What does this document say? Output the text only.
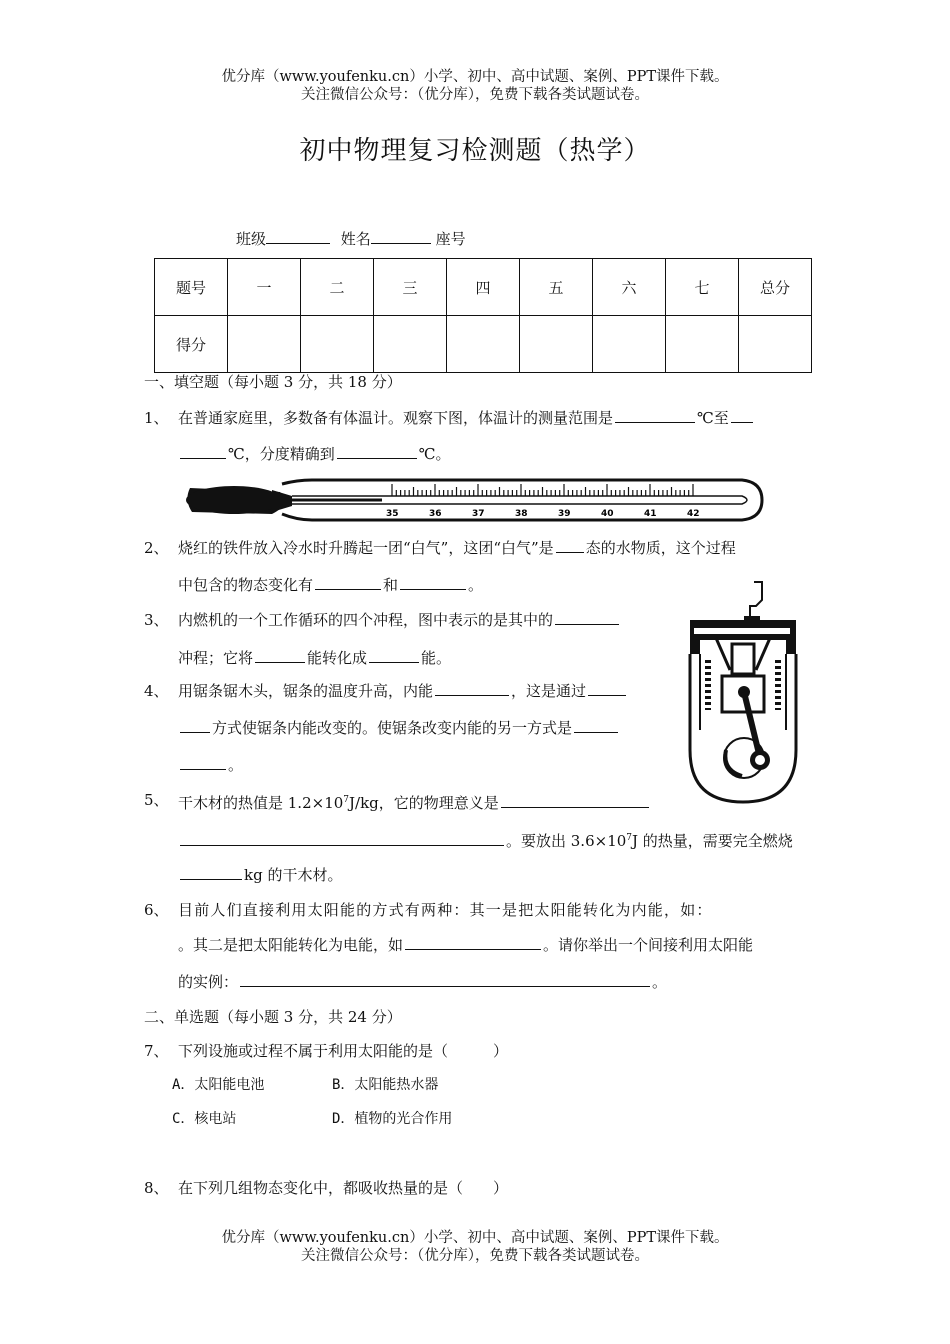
优分库（www.youfenku.cn）小学、初中、高中试题、案例、PPT课件下载。
关注微信公众号：（优分库），免费下载各类试题试卷。
初中物理复习检测题（热学）
班级	姓名	座号
题号	一	二	三	四	五	六	七	总分
得分								
一、填空题（每小题 3 分，共 18 分）
1、 在普通家庭里，多数备有体温计。观察下图，体温计的测量范围是	℃至
℃，分度精确到	℃。
35	36	37	38	39	40	41	42
2、 烧红的铁件放入冷水时升腾起一团“白气”，这团“白气”是 态的水物质，这个过程
中包含的物态变化有	和	。
3、 内燃机的一个工作循环的四个冲程，图中表示的是其中的
冲程；它将	能转化成	能。
4、 用锯条锯木头，锯条的温度升高，内能	，这是通过
方式使锯条内能改变的。使锯条改变内能的另一方式是
。
5、 干木材的热值是 $1.2\times 10^7J/kg$，它的物理意义是
。要放出 $3.6\times 10^7J$ 的热量，需要完全燃烧
kg 的干木材。
6、 目前人们直接利用太阳能的方式有两种：其一是把太阳能转化为内能，如：
。其二是把太阳能转化为电能，如	。请你举出一个间接利用太阳能
的实例：	。
二、单选题（每小题 3 分，共 24 分）
7、 下列设施或过程不属于利用太阳能的是（　　　）
A．太阳能电池	B．太阳能热水器
C．核电站	D．植物的光合作用
8、 在下列几组物态变化中，都吸收热量的是（　　）
优分库（www.youfenku.cn）小学、初中、高中试题、案例、PPT课件下载。
关注微信公众号：（优分库），免费下载各类试题试卷。
